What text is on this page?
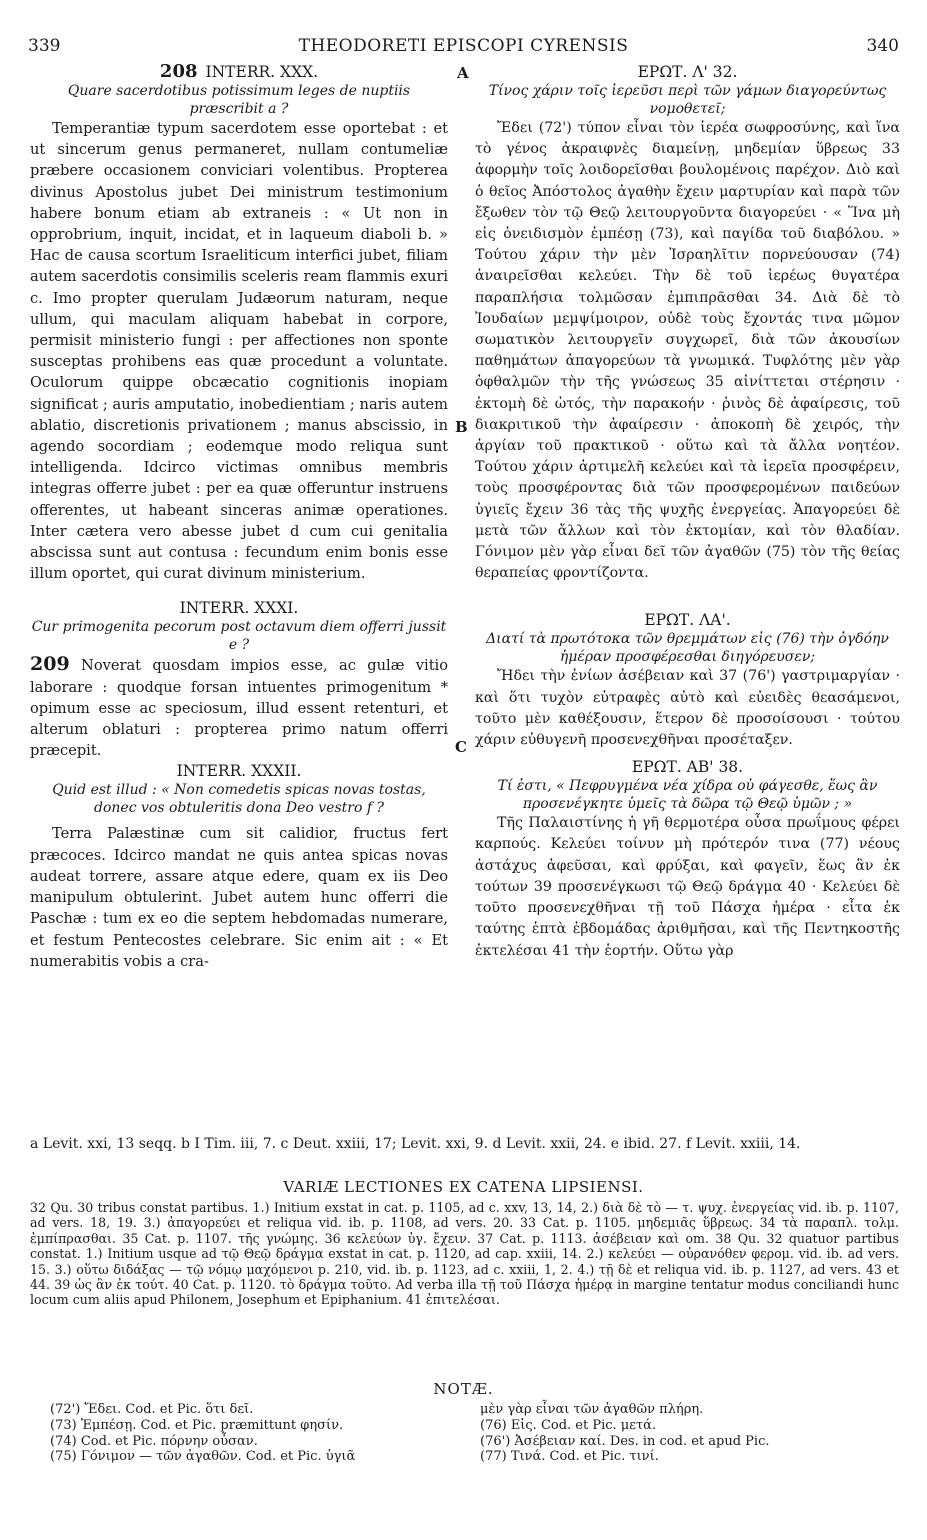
339	THEODORETI EPISCOPI CYRENSIS	340
A
B
C

208 INTERR. XXX.

Quare sacerdotibus potissimum leges de nuptiis præscribit a ?

Temperantiæ typum sacerdotem esse oportebat : et ut sincerum genus permaneret, nullam contumeliæ præbere occasionem conviciari volentibus. Propterea divinus Apostolus jubet Dei ministrum testimonium habere bonum etiam ab extraneis : « Ut non in opprobrium, inquit, incidat, et in laqueum diaboli b. » Hac de causa scortum Israeliticum interfici jubet, filiam autem sacerdotis consimilis sceleris ream flammis exuri c. Imo propter querulam Judæorum naturam, neque ullum, qui maculam aliquam habebat in corpore, permisit ministerio fungi : per affectiones non sponte susceptas prohibens eas quæ procedunt a voluntate. Oculorum quippe obcæcatio cognitionis inopiam significat ; auris amputatio, inobedientiam ; naris autem ablatio, discretionis privationem ; manus abscissio, in agendo socordiam ; eodemque modo reliqua sunt intelligenda. Idcirco victimas omnibus membris integras offerre jubet : per ea quæ offeruntur instruens offerentes, ut habeant sinceras animæ operationes. Inter cætera vero abesse jubet d cum cui genitalia abscissa sunt aut contusa : fecundum enim bonis esse illum oportet, qui curat divinum ministerium.

INTERR. XXXI.

Cur primogenita pecorum post octavum diem offerri jussit e ?

209 Noverat quosdam impios esse, ac gulæ vitio laborare : quodque forsan intuentes primogenitum * opimum esse ac speciosum, illud essent retenturi, et alterum oblaturi : propterea primo natum offerri præcepit.

INTERR. XXXII.

Quid est illud : « Non comedetis spicas novas tostas, donec vos obtuleritis dona Deo vestro f ?

Terra Palæstinæ cum sit calidior, fructus fert præcoces. Idcirco mandat ne quis antea spicas novas audeat torrere, assare atque edere, quam ex iis Deo manipulum obtulerint. Jubet autem hunc offerri die Paschæ : tum ex eo die septem hebdomadas numerare, et festum Pentecostes celebrare. Sic enim ait : « Et numerabitis vobis a cra-

ΕΡΩΤ. Λ' 32.

Τίνος χάριν τοῖς ἱερεῦσι περὶ τῶν γάμων διαγορεύντως νομοθετεῖ;

Ἔδει (72') τύπον εἶναι τὸν ἱερέα σωφροσύνης, καὶ ἵνα τὸ γένος ἀκραιφνὲς διαμείνῃ, μηδεμίαν ὕβρεως 33 ἀφορμὴν τοῖς λοιδορεῖσθαι βουλομένοις παρέχον. Διὸ καὶ ὁ θεῖος Ἀπόστολος ἀγαθὴν ἔχειν μαρτυρίαν καὶ παρὰ τῶν ἔξωθεν τὸν τῷ Θεῷ λειτουργοῦντα διαγορεύει · « Ἵνα μὴ εἰς ὀνειδισμὸν ἐμπέσῃ (73), καὶ παγίδα τοῦ διαβόλου. » Τούτου χάριν τὴν μὲν Ἰσραηλῖτιν πορνεύουσαν (74) ἀναιρεῖσθαι κελεύει. Τὴν δὲ τοῦ ἱερέως θυγατέρα παραπλήσια τολμῶσαν ἐμπιπρᾶσθαι 34. Διὰ δὲ τὸ Ἰουδαίων μεμψίμοιρον, οὐδὲ τοὺς ἔχοντάς τινα μῶμον σωματικὸν λειτουργεῖν συγχωρεῖ, διὰ τῶν ἀκουσίων παθημάτων ἀπαγορεύων τὰ γνωμικά. Τυφλότης μὲν γὰρ ὀφθαλμῶν τὴν τῆς γνώσεως 35 αἰνίττεται στέρησιν · ἐκτομὴ δὲ ὠτός, τὴν παρακοήν · ῥινὸς δὲ ἀφαίρεσις, τοῦ διακριτικοῦ τὴν ἀφαίρεσιν · ἀποκοπὴ δὲ χειρός, τὴν ἀργίαν τοῦ πρακτικοῦ · οὕτω καὶ τὰ ἄλλα νοητέον. Τούτου χάριν ἀρτιμελῆ κελεύει καὶ τὰ ἱερεῖα προσφέρειν, τοὺς προσφέροντας διὰ τῶν προσφερομένων παιδεύων ὑγιεῖς ἔχειν 36 τὰς τῆς ψυχῆς ἐνεργείας. Ἀπαγορεύει δὲ μετὰ τῶν ἄλλων καὶ τὸν ἐκτομίαν, καὶ τὸν θλαδίαν. Γόνιμον μὲν γὰρ εἶναι δεῖ τῶν ἀγαθῶν (75) τὸν τῆς θείας θεραπείας φροντίζοντα.

ΕΡΩΤ. ΛΑ'.

Διατί τὰ πρωτότοκα τῶν θρεμμάτων εἰς (76) τὴν ὀγδόην ἡμέραν προσφέρεσθαι διηγόρευσεν;

Ἤδει τὴν ἐνίων ἀσέβειαν καὶ 37 (76') γαστριμαργίαν · καὶ ὅτι τυχὸν εὐτραφὲς αὐτὸ καὶ εὐειδὲς θεασάμενοι, τοῦτο μὲν καθέξουσιν, ἕτερον δὲ προσοίσουσι · τούτου χάριν εὐθυγενῆ προσενεχθῆναι προσέταξεν.

ΕΡΩΤ. ΑΒ' 38.

Τί ἐστι, « Πεφρυγμένα νέα χίδρα οὐ φάγεσθε, ἕως ἂν προσενέγκητε ὑμεῖς τὰ δῶρα τῷ Θεῷ ὑμῶν ; »

Τῆς Παλαιστίνης ἡ γῆ θερμοτέρα οὖσα πρωΐμους φέρει καρπούς. Κελεύει τοίνυν μὴ πρότερόν τινα (77) νέους ἀστάχυς ἀφεῦσαι, καὶ φρύξαι, καὶ φαγεῖν, ἕως ἂν ἐκ τούτων 39 προσενέγκωσι τῷ Θεῷ δράγμα 40 · Κελεύει δὲ τοῦτο προσενεχθῆναι τῇ τοῦ Πάσχα ἡμέρα · εἶτα ἐκ ταύτης ἑπτὰ ἑβδομάδας ἀριθμῆσαι, καὶ τῆς Πεντηκοστῆς ἐκτελέσαι 41 τὴν ἑορτήν. Οὕτω γὰρ

a Levit. xxi, 13 seqq. b I Tim. iii, 7. c Deut. xxiii, 17; Levit. xxi, 9. d Levit. xxii, 24. e ibid. 27. f Levit. xxiii, 14.
VARIÆ LECTIONES EX CATENA LIPSIENSI.
32 Qu. 30 tribus constat partibus. 1.) Initium exstat in cat. p. 1105, ad c. xxv, 13, 14, 2.) διὰ δὲ τὸ — τ. ψυχ. ἐνεργείας vid. ib. p. 1107, ad vers. 18, 19. 3.) ἀπαγορεύει et reliqua vid. ib. p. 1108, ad vers. 20. 33 Cat. p. 1105. μηδεμιᾶς ὕβρεως. 34 τὰ παραπλ. τολμ. ἐμπίπρασθαι. 35 Cat. p. 1107. τῆς γνώμης. 36 κελεύων ὑγ. ἔχειν. 37 Cat. p. 1113. ἀσέβειαν καὶ om. 38 Qu. 32 quatuor partibus constat. 1.) Initium usque ad τῷ Θεῷ δράγμα exstat in cat. p. 1120, ad cap. xxiii, 14. 2.) κελεύει — οὐρανόθεν φερομ. vid. ib. ad vers. 15. 3.) οὕτω διδάξας — τῷ νόμῳ μαχόμενοι p. 210, vid. ib. p. 1123, ad c. xxiii, 1, 2. 4.) τῇ δὲ et reliqua vid. ib. p. 1127, ad vers. 43 et 44. 39 ὡς ἂν ἐκ τούτ. 40 Cat. p. 1120. τὸ δράγμα τοῦτο. Ad verba illa τῇ τοῦ Πάσχα ἡμέρᾳ in margine tentatur modus conciliandi hunc locum cum aliis apud Philonem, Josephum et Epiphanium. 41 ἐπιτελέσαι.
NOTÆ.
(72') Ἔδει. Cod. et Pic. ὅτι δεῖ.
(73) Ἐμπέσῃ. Cod. et Pic. præmittunt φησίν.
(74) Cod. et Pic. πόρνην οὖσαν.
(75) Γόνιμον — τῶν ἀγαθῶν. Cod. et Pic. ὑγιᾶ
μὲν γὰρ εἶναι τῶν ἀγαθῶν πλήρη.
(76) Εἰς. Cod. et Pic. μετά.
(76') Ἀσέβειαν καί. Des. in cod. et apud Pic.
(77) Τινά. Cod. et Pic. τινί.
